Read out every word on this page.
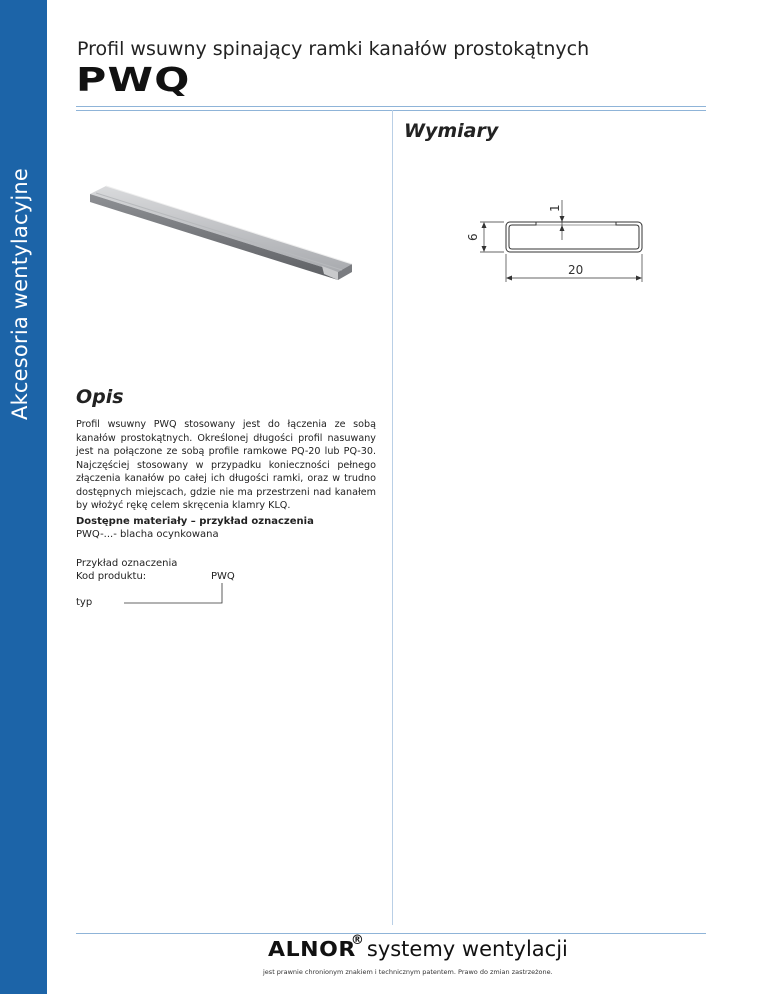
Akcesoria wentylacyjne
Profil wsuwny spinający ramki kanałów prostokątnych
PWQ
Wymiary
6
1
20
Opis
Profil wsuwny PWQ stosowany jest do łączenia ze sobą kanałów prostokątnych. Określonej długości profil nasuwany jest na połączone ze sobą profile ramkowe PQ-20 lub PQ-30. Najczęściej stosowany w przypadku konieczności pełnego złączenia kanałów po całej ich długości ramki, oraz w trudno dostępnych miejscach, gdzie nie ma przestrzeni nad kanałem by włożyć rękę celem skręcenia klamry KLQ.
Dostępne materiały – przykład oznaczenia
PWQ-...- blacha ocynkowana
Przykład oznaczenia
Kod produktu:	PWQ
typ
ALNOR® systemy wentylacji
jest prawnie chronionym znakiem i technicznym patentem. Prawo do zmian zastrzeżone.
